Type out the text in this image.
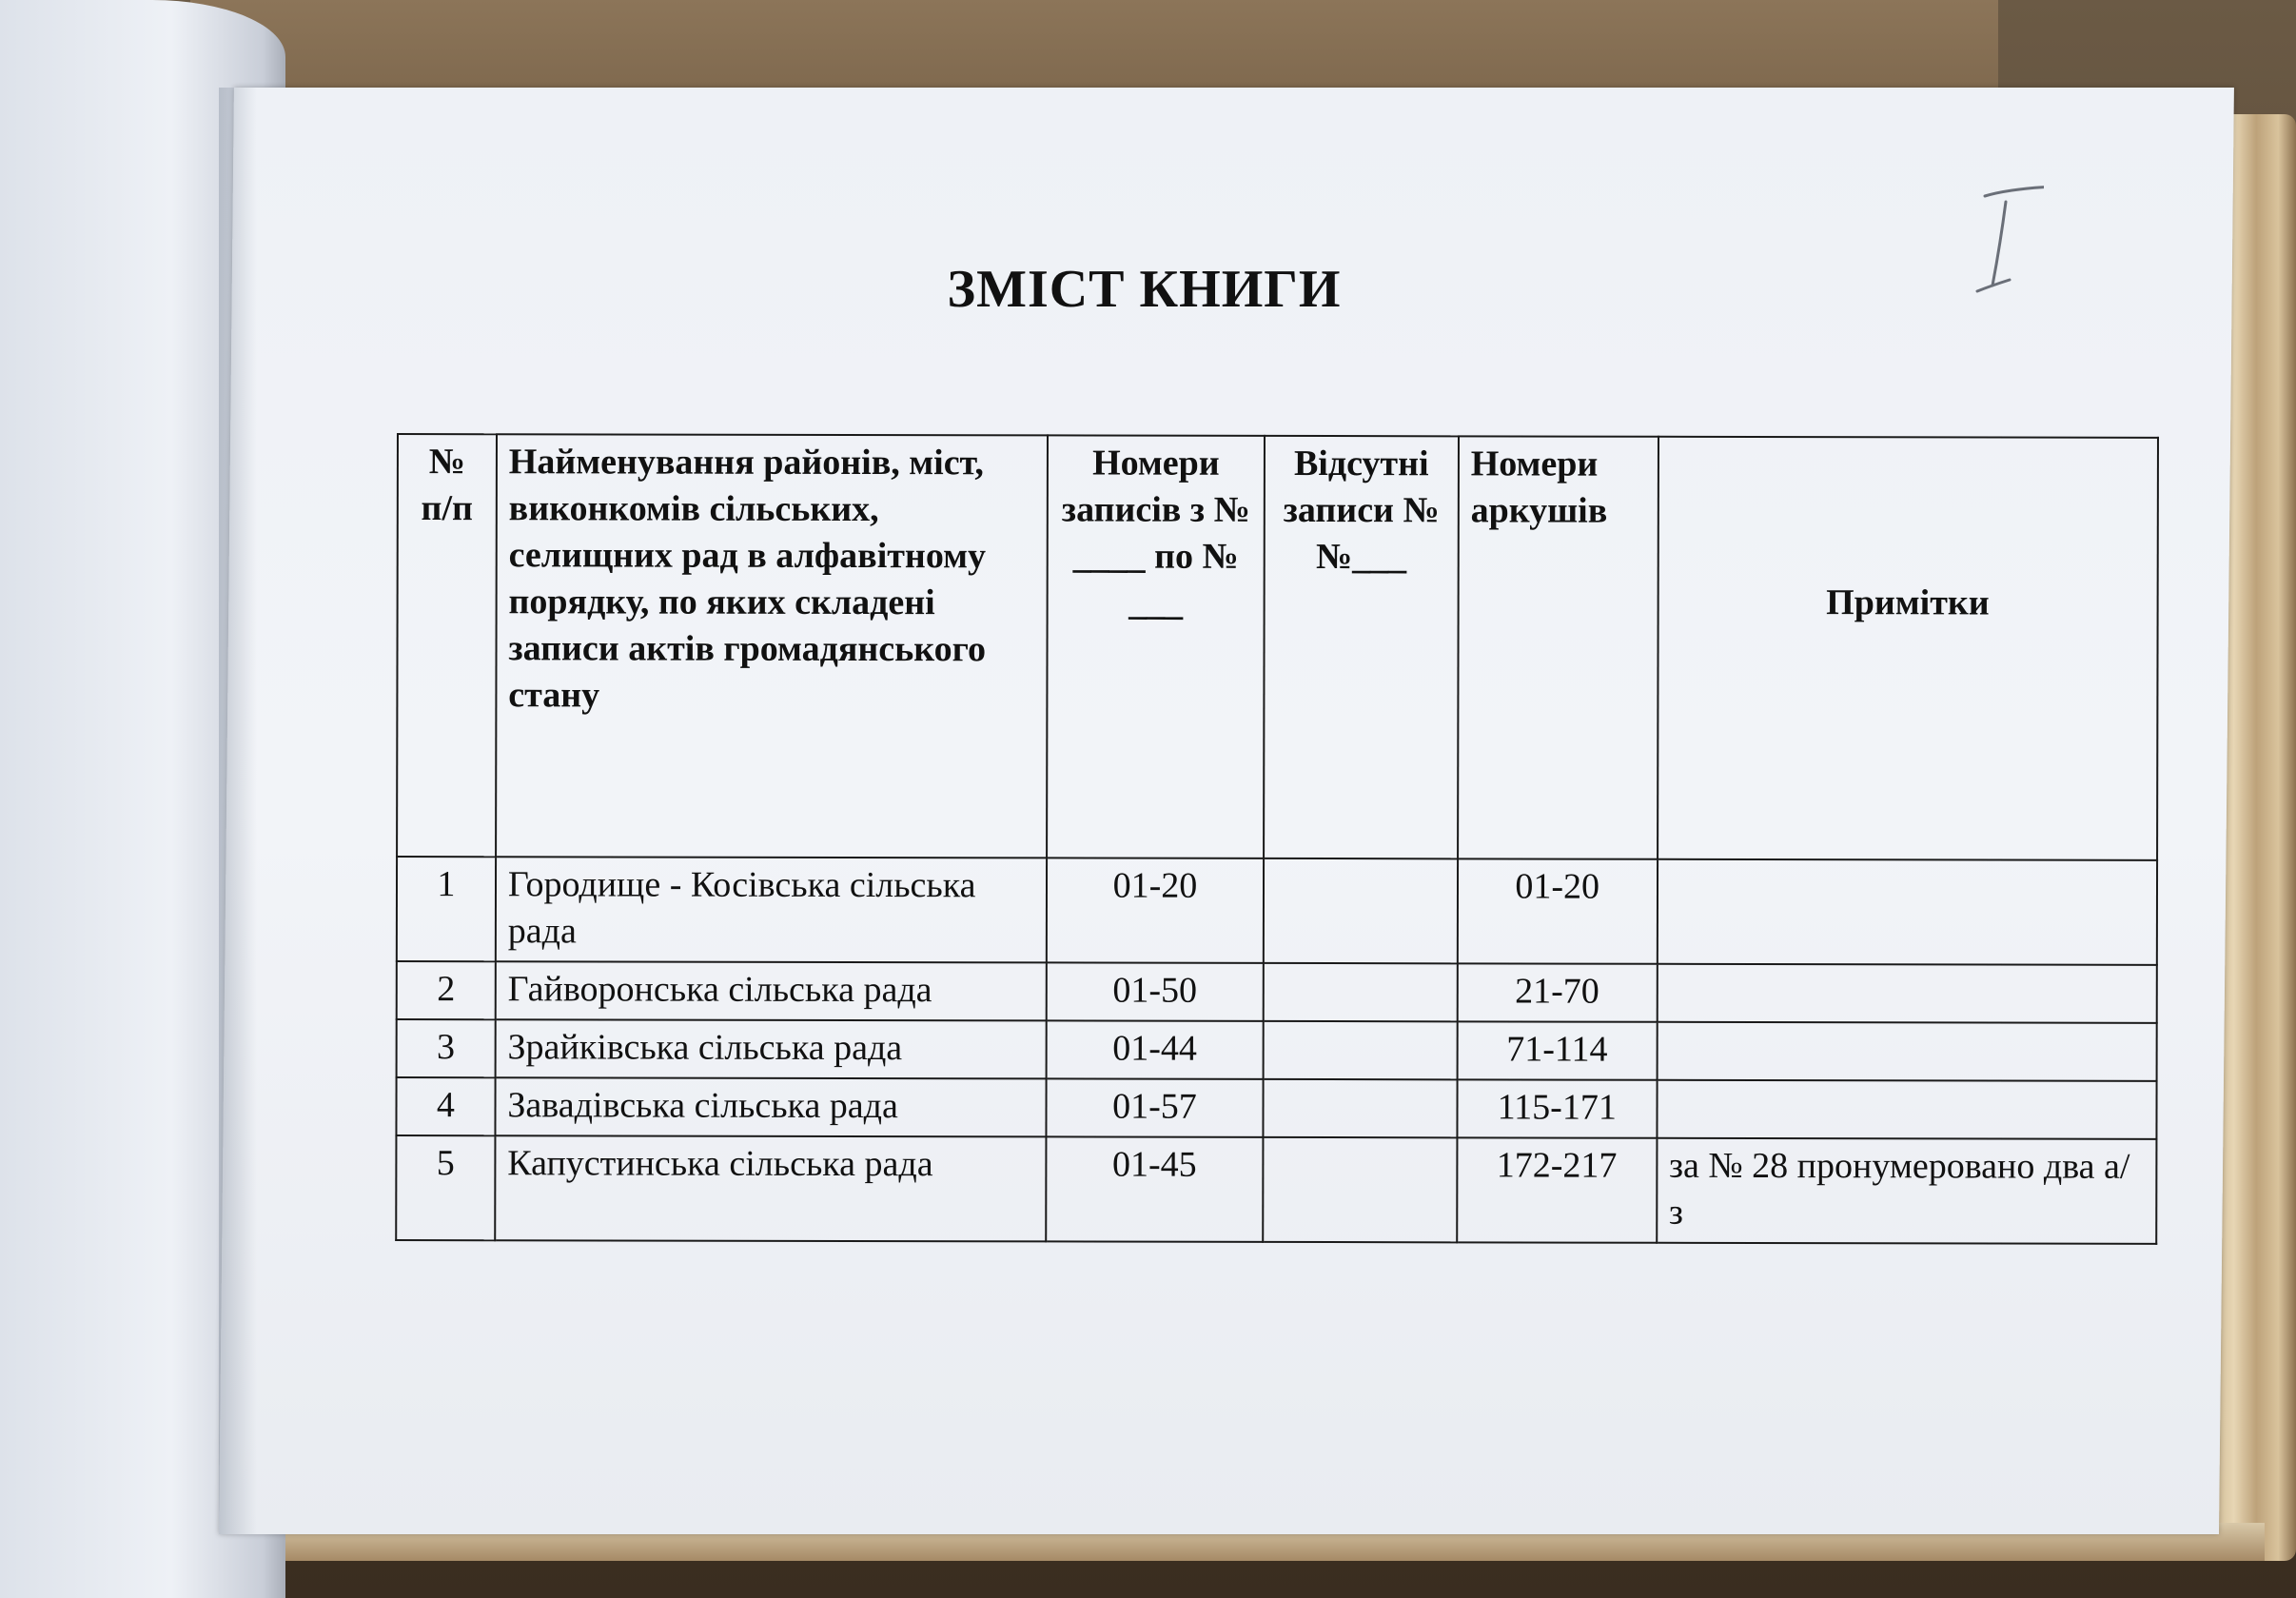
ЗМІСТ КНИГИ
№ п/п	Найменування районів, міст, виконкомів сільських, селищних рад в алфавітному порядку, по яких складені записи актів громадянського стану	Номери записів з № ____ по № ___	Відсутні записи №№___	Номери аркушів	Примітки
1	Городище - Косівська сільська рада	01-20		01-20	
2	Гайворонська сільська рада	01-50		21-70	
3	Зрайківська сільська рада	01-44		71-114	
4	Завадівська сільська рада	01-57		115-171	
5	Капустинська сільська рада	01-45		172-217	за № 28 пронумеровано два а/з
